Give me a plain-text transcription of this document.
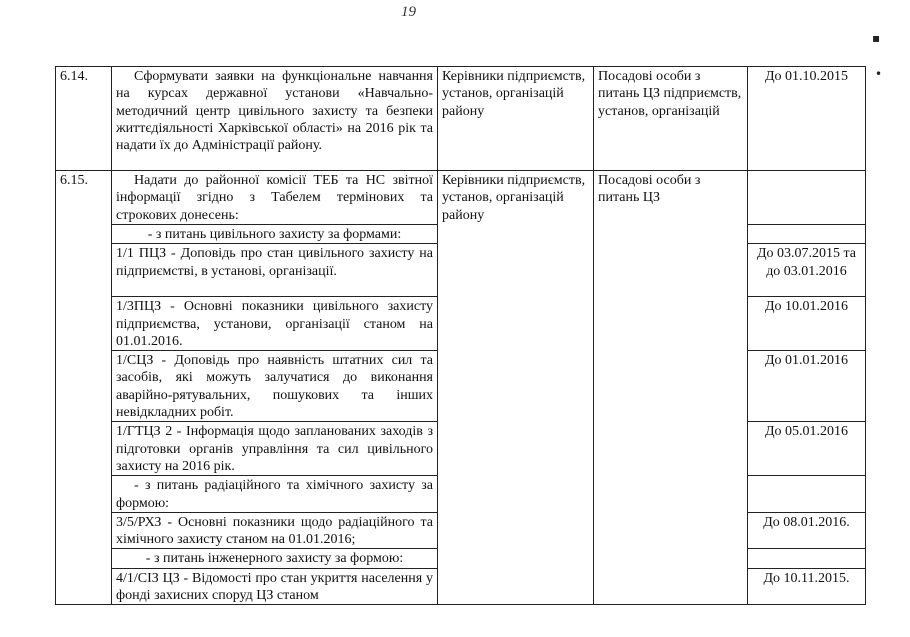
19
▪
•
6.14.	Сформувати заявки на функціональне навчання на курсах державної установи «Навчально-методичний центр цивільного захисту та безпеки життєдіяльності Харківської області» на 2016 рік та надати їх до Адміністрації району.	Керівники підприємств, установ, організацій району	Посадові особи з питань ЦЗ підприємств, установ, організацій	До 01.10.2015
6.15.	Надати до районної комісії ТЕБ та НС звітної інформації згідно з Табелем термінових та строкових донесень:	Керівники підприємств, установ, організацій району	Посадові особи з питань ЦЗ	
	- з питань цивільного захисту за формами:			
	1/1 ПЦЗ - Доповідь про стан цивільного захисту на підприємстві, в установі, організації.			До 03.07.2015 та до 03.01.2016
	1/3ПЦЗ - Основні показники цивільного захисту підприємства, установи, організації станом на 01.01.2016.			До 10.01.2016
	1/СЦЗ - Доповідь про наявність штатних сил та засобів, які можуть залучатися до виконання аварійно-рятувальних, пошукових та інших невідкладних робіт.			До 01.01.2016
	1/ГТЦЗ 2 - Інформація щодо запланованих заходів з підготовки органів управління та сил цивільного захисту на 2016 рік.			До 05.01.2016
	- з питань радіаційного та хімічного захисту за формою:			
	3/5/РХЗ - Основні показники щодо радіаційного та хімічного захисту станом на 01.01.2016;			До 08.01.2016.
	- з питань інженерного захисту за формою:			
	4/1/СІЗ ЦЗ - Відомості про стан укриття населення у фонді захисних споруд ЦЗ станом			До 10.11.2015.
